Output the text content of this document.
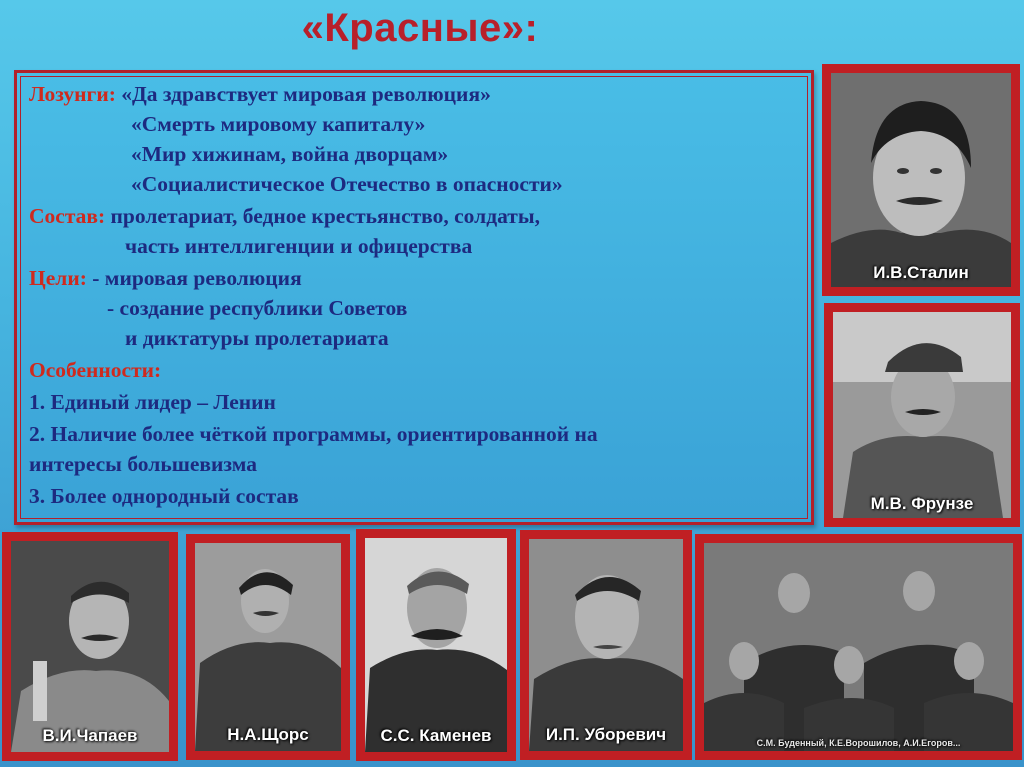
«Красные»:
Лозунги: «Да здравствует мировая революция»
«Смерть мировому капиталу»
«Мир хижинам, война дворцам»
«Социалистическое Отечество в опасности»
Состав: пролетариат, бедное крестьянство, солдаты,
часть интеллигенции и офицерства
Цели: - мировая революция
- создание республики Советов
и диктатуры пролетариата
Особенности:
1. Единый лидер – Ленин
2. Наличие более чёткой программы, ориентированной на
интересы большевизма
3. Более однородный состав
И.В.Сталин
М.В. Фрунзе
В.И.Чапаев	Н.А.Щорс	С.С. Каменев	И.П. Уборевич	С.М. Буденный, К.Е.Ворошилов, А.И.Егоров...
